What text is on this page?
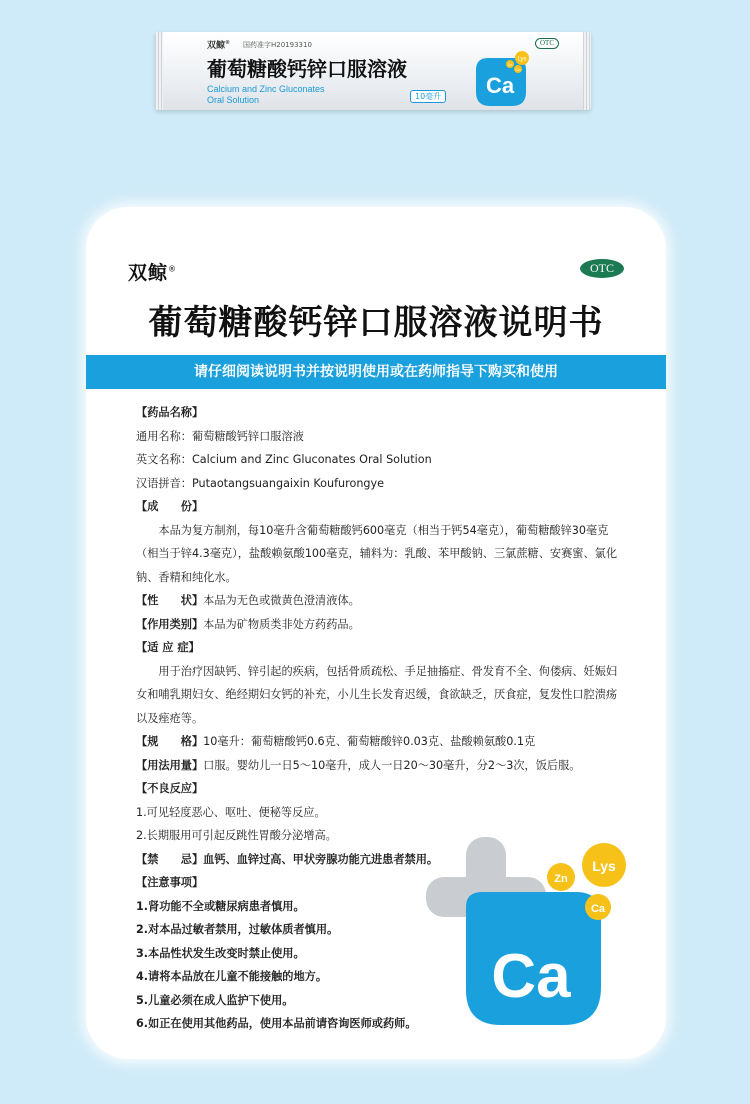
双鲸® 国药准字H20193310
葡萄糖酸钙锌口服溶液
Calcium and Zinc Gluconates
Oral Solution	10毫升
OTC
Ca
Lys
Zn
Ca
双鲸®	OTC
葡萄糖酸钙锌口服溶液说明书
请仔细阅读说明书并按说明使用或在药师指导下购买和使用

【药品名称】

通用名称：葡萄糖酸钙锌口服溶液

英文名称：Calcium and Zinc Gluconates Oral Solution

汉语拼音：Putaotangsuangaixin Koufurongye

【成　　份】

本品为复方制剂，每10毫升含葡萄糖酸钙600毫克（相当于钙54毫克），葡萄糖酸锌30毫克（相当于锌4.3毫克），盐酸赖氨酸100毫克，辅料为：乳酸、苯甲酸钠、三氯蔗糖、安赛蜜、氯化钠、香精和纯化水。

【性　　状】本品为无色或微黄色澄清液体。

【作用类别】本品为矿物质类非处方药药品。

【适 应 症】

用于治疗因缺钙、锌引起的疾病，包括骨质疏松、手足抽搐症、骨发育不全、佝偻病、妊娠妇女和哺乳期妇女、绝经期妇女钙的补充，小儿生长发育迟缓，食欲缺乏，厌食症，复发性口腔溃疡以及痤疮等。

【规　　格】10毫升：葡萄糖酸钙0.6克、葡萄糖酸锌0.03克、盐酸赖氨酸0.1克

【用法用量】口服。婴幼儿一日5～10毫升，成人一日20～30毫升，分2～3次，饭后服。

【不良反应】

1.可见轻度恶心、呕吐、便秘等反应。

2.长期服用可引起反跳性胃酸分泌增高。

【禁　　忌】血钙、血锌过高、甲状旁腺功能亢进患者禁用。

【注意事项】

1.肾功能不全或糖尿病患者慎用。

2.对本品过敏者禁用，过敏体质者慎用。

3.本品性状发生改变时禁止使用。

4.请将本品放在儿童不能接触的地方。

5.儿童必须在成人监护下使用。

6.如正在使用其他药品，使用本品前请咨询医师或药师。

Ca
Lys
Zn
Ca
